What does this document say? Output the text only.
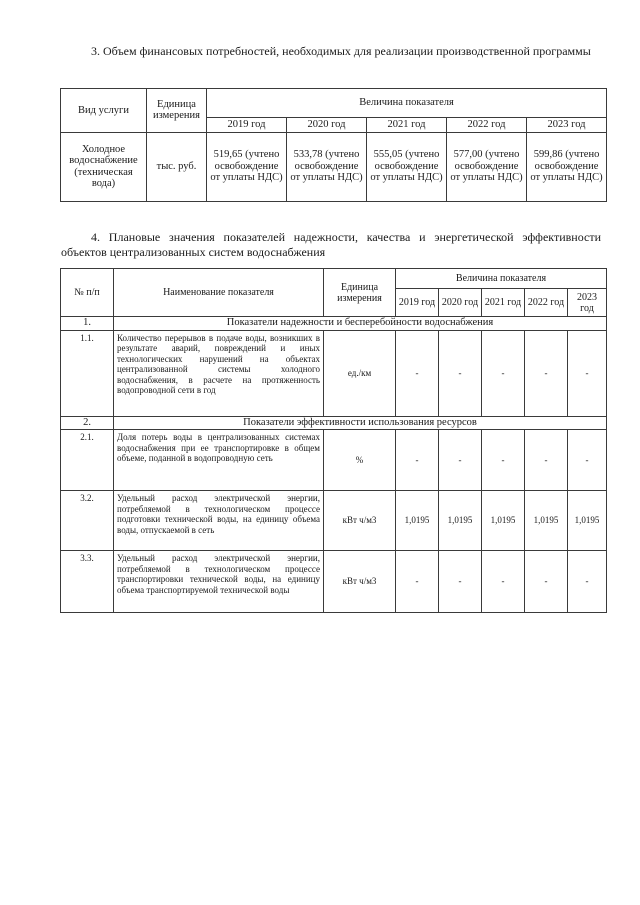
3. Объем финансовых потребностей, необходимых для реализации производственной программы
Вид услуги	Единица измерения	Величина показателя				
		2019 год	2020 год	2021 год	2022 год	2023 год
Холодное водоснабжение (техническая вода)	тыс. руб.	519,65 (учтено освобождение от уплаты НДС)	533,78 (учтено освобождение от уплаты НДС)	555,05 (учтено освобождение от уплаты НДС)	577,00 (учтено освобождение от уплаты НДС)	599,86 (учтено освобождение от уплаты НДС)
4. Плановые значения показателей надежности, качества и энергетической эффективности объектов централизованных систем водоснабжения
№ п/п	Наименование показателя	Единица измерения	Величина показателя				
			2019 год	2020 год	2021 год	2022 год	2023 год
1.	Показатели надежности и бесперебойности водоснабжения						
1.1.	Количество перерывов в подаче воды, возникших в результате аварий, повреждений и иных технологических нарушений на объектах централизованной системы холодного водоснабжения, в расчете на протяженность водопроводной сети в год	ед./км	-	-	-	-	-
2.	Показатели эффективности использования ресурсов						
2.1.	Доля потерь воды в централизованных системах водоснабжения при ее транспортировке в общем объеме, поданной в водопроводную сеть	%	-	-	-	-	-
3.2.	Удельный расход электрической энергии, потребляемой в технологическом процессе подготовки технической воды, на единицу объема воды, отпускаемой в сеть	кВт ч/м3	1,0195	1,0195	1,0195	1,0195	1,0195
3.3.	Удельный расход электрической энергии, потребляемой в технологическом процессе транспортировки технической воды, на единицу объема транспортируемой технической воды	кВт ч/м3	-	-	-	-	-
